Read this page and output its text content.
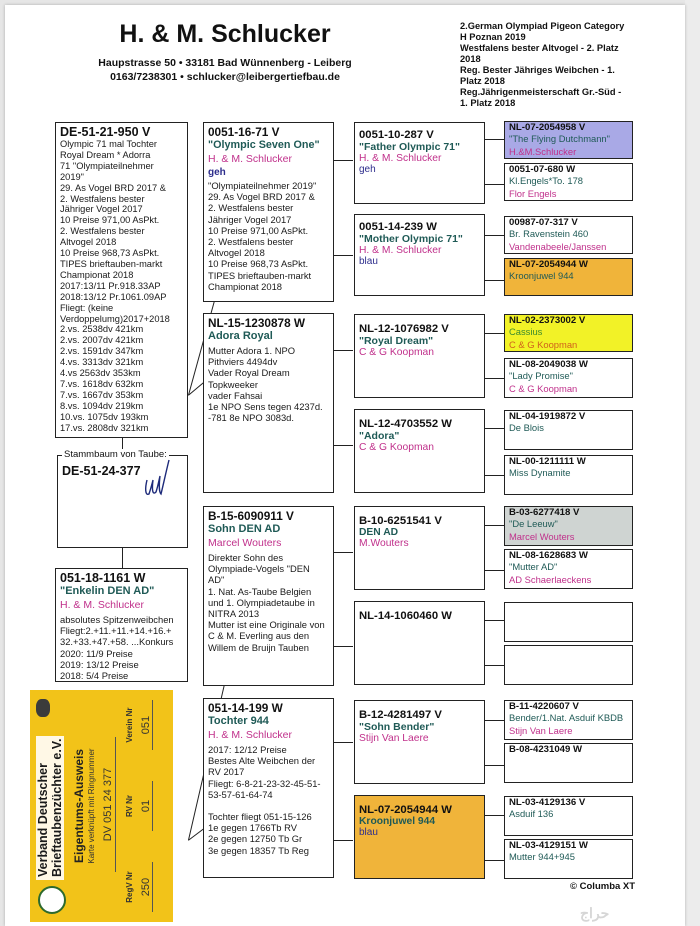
H. & M. Schlucker
Haupstrasse 50 • 33181 Bad Wünnenberg - Leiberg
0163/7238301 • schlucker@leibergertiefbau.de
2.German Olympiad Pigeon Category
H Poznan 2019
Westfalens bester Altvogel - 2. Platz
2018
Reg. Bester Jähriges Weibchen - 1.
Platz 2018
Reg.Jährigenmeisterschaft Gr.-Süd -
1. Platz 2018
DE-51-21-950 V
Olympic 71 mal Tochter
Royal Dream * Adorra
71 "Olympiateilnehmer
2019"
29. As Vogel BRD 2017 &
2. Westfalens bester
Jähriger Vogel 2017
10 Preise 971,00 AsPkt.
2. Westfalens bester
Altvogel 2018
10 Preise 968,73 AsPkt.
TIPES brieftauben-markt
Championat 2018
2017:13/11 Pr.918.33AP
2018:13/12 Pr.1061.09AP
Fliegt: (keine
Verdoppelumg)2017+2018
2.vs. 2538dv 421km
2.vs. 2007dv 421km
2.vs. 1591dv 347km
4.vs. 3313dv 321km
4.vs 2563dv 353km
7.vs. 1618dv 632km
7.vs. 1667dv 353km
8.vs. 1094dv 219km
10.vs. 1075dv 193km
17.vs. 2808dv 321km
Stammbaum von Taube:
DE-51-24-377
051-18-1161 W
"Enkelin DEN AD"
H. & M. Schlucker
absolutes Spitzenweibchen
Fliegt:2.+11.+11.+14.+16.+
32.+33.+47.+58. ...Konkurs
2020: 11/9 Preise
2019: 13/12 Preise
2018: 5/4 Preise
0051-16-71 V
"Olympic Seven One"
H. & M. Schlucker
geh
"Olympiateilnehmer 2019"
29. As Vogel BRD 2017 &
2. Westfalens bester
Jähriger Vogel 2017
10 Preise 971,00 AsPkt.
2. Westfalens bester
Altvogel 2018
10 Preise 968,73 AsPkt.
TIPES brieftauben-markt
Championat 2018
NL-15-1230878 W
Adora Royal
Mutter Adora 1. NPO
Pithviers 4494dv
Vader Royal Dream
Topkweeker
vader Fahsai
1e NPO Sens tegen 4237d.
-781 8e NPO 3083d.
B-15-6090911 V
Sohn DEN AD
Marcel Wouters
Direkter Sohn des
Olympiade-Vogels "DEN
AD"
1. Nat. As-Taube Belgien
und 1. Olympiadetaube in
NITRA 2013
Mutter ist eine Originale von
C & M. Everling aus den
Willem de Bruijn Tauben
051-14-199 W
Tochter 944
H. & M. Schlucker
2017: 12/12 Preise
Bestes Alte Weibchen der
RV 2017
Fliegt: 6-8-21-23-32-45-51-
53-57-61-64-74
Tochter fliegt 051-15-126
1e gegen 1766Tb RV
2e gegen 12750 Tb Gr
3e gegen 18357 Tb Reg
0051-10-287 V
"Father Olympic 71"
H. & M. Schlucker
geh
0051-14-239 W
"Mother Olympic 71"
H. & M. Schlucker
blau
NL-12-1076982 V
"Royal Dream"
C & G Koopman
NL-12-4703552 W
"Adora"
C & G Koopman
B-10-6251541 V
DEN AD
M.Wouters
NL-14-1060460 W
B-12-4281497 V
"Sohn Bender"
Stijn Van Laere
NL-07-2054944 W
Kroonjuwel 944
blau
NL-07-2054958 V
"The Flying Dutchmann"
H.&M.Schlucker
0051-07-680 W
Kl.Engels*To. 178
Flor Engels
00987-07-317 V
Br. Ravenstein 460
Vandenabeele/Janssen
NL-07-2054944 W
Kroonjuwel 944
NL-02-2373002 V
Cassius
C & G Koopman
NL-08-2049038 W
"Lady Promise"
C & G Koopman
NL-04-1919872 V
De Blois
NL-00-1211111 W
Miss Dynamite
B-03-6277418 V
"De Leeuw"
Marcel Wouters
NL-08-1628683 W
"Mutter AD"
AD Schaerlaeckens
B-11-4220607 V
Bender/1.Nat. Asduif KBDB
Stijn Van Laere
B-08-4231049 W
NL-03-4129136 V
Asduif 136
NL-03-4129151 W
Mutter 944+945
Verband Deutscher Brieftaubenzüchter e.V. Eigentums-Ausweis Karte verknüpft mit Ringnummer DV 051 24 377
RegV Nr 250
RV Nr 01
Verein Nr 051
© Columba XT
حراج
